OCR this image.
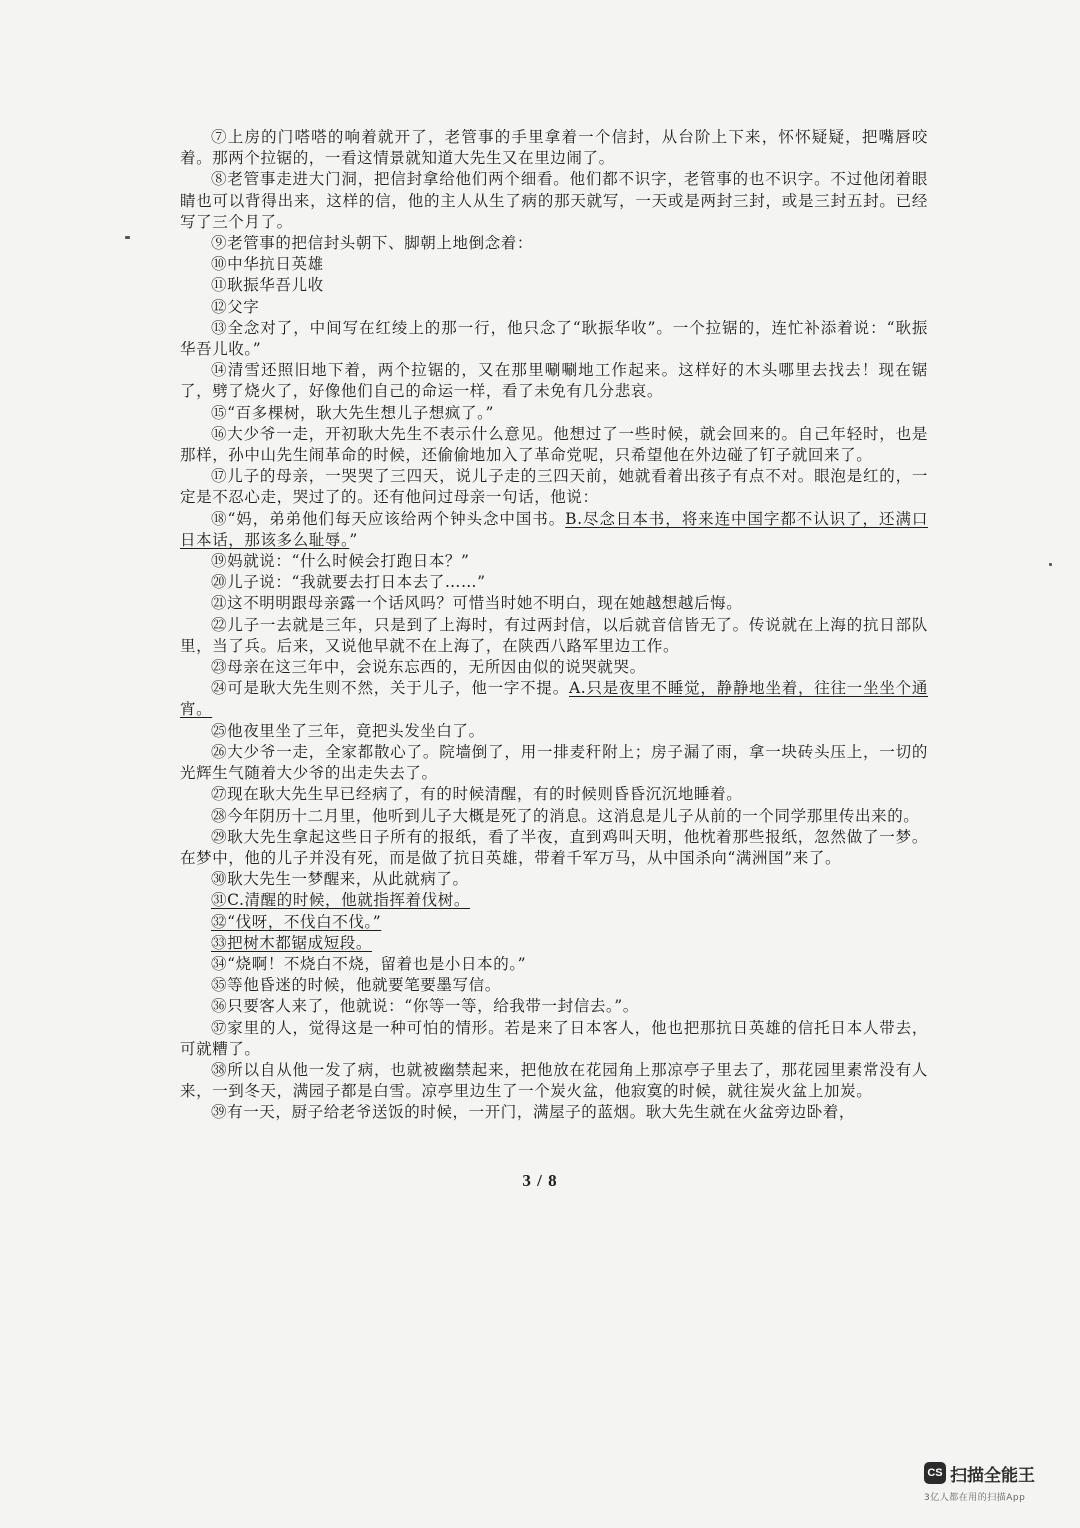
⑦上房的门嗒嗒的响着就开了，老管事的手里拿着一个信封，从台阶上下来，怀怀疑疑，把嘴唇咬着。那两个拉锯的，一看这情景就知道大先生又在里边闹了。

⑧老管事走进大门洞，把信封拿给他们两个细看。他们都不识字，老管事的也不识字。不过他闭着眼睛也可以背得出来，这样的信，他的主人从生了病的那天就写，一天或是两封三封，或是三封五封。已经写了三个月了。

⑨老管事的把信封头朝下、脚朝上地倒念着：

⑩中华抗日英雄

⑪耿振华吾儿收

⑫父字

⑬全念对了，中间写在红绫上的那一行，他只念了“耿振华收”。一个拉锯的，连忙补添着说：“耿振华吾儿收。”

⑭清雪还照旧地下着，两个拉锯的，又在那里唰唰地工作起来。这样好的木头哪里去找去！现在锯了，劈了烧火了，好像他们自己的命运一样，看了未免有几分悲哀。

⑮“百多棵树，耿大先生想儿子想疯了。”

⑯大少爷一走，开初耿大先生不表示什么意见。他想过了一些时候，就会回来的。自己年轻时，也是那样，孙中山先生闹革命的时候，还偷偷地加入了革命党呢，只希望他在外边碰了钉子就回来了。

⑰儿子的母亲，一哭哭了三四天，说儿子走的三四天前，她就看着出孩子有点不对。眼泡是红的，一定是不忍心走，哭过了的。还有他问过母亲一句话，他说：

⑱“妈，弟弟他们每天应该给两个钟头念中国书。B.尽念日本书，将来连中国字都不认识了，还满口日本话，那该多么耻辱。”

⑲妈就说：“什么时候会打跑日本？”

⑳儿子说：“我就要去打日本去了……”

㉑这不明明跟母亲露一个话风吗？可惜当时她不明白，现在她越想越后悔。

㉒儿子一去就是三年，只是到了上海时，有过两封信，以后就音信皆无了。传说就在上海的抗日部队里，当了兵。后来，又说他早就不在上海了，在陕西八路军里边工作。

㉓母亲在这三年中，会说东忘西的，无所因由似的说哭就哭。

㉔可是耿大先生则不然，关于儿子，他一字不提。A.只是夜里不睡觉，静静地坐着，往往一坐坐个通宵。

㉕他夜里坐了三年，竟把头发坐白了。

㉖大少爷一走，全家都散心了。院墙倒了，用一排麦秆附上；房子漏了雨，拿一块砖头压上，一切的光辉生气随着大少爷的出走失去了。

㉗现在耿大先生早已经病了，有的时候清醒，有的时候则昏昏沉沉地睡着。

㉘今年阴历十二月里，他听到儿子大概是死了的消息。这消息是儿子从前的一个同学那里传出来的。

㉙耿大先生拿起这些日子所有的报纸，看了半夜，直到鸡叫天明，他枕着那些报纸，忽然做了一梦。在梦中，他的儿子并没有死，而是做了抗日英雄，带着千军万马，从中国杀向“满洲国”来了。

㉚耿大先生一梦醒来，从此就病了。

㉛C.清醒的时候，他就指挥着伐树。

㉜“伐呀，不伐白不伐。”

㉝把树木都锯成短段。

㉞“烧啊！不烧白不烧，留着也是小日本的。”

㉟等他昏迷的时候，他就要笔要墨写信。

㊱只要客人来了，他就说：“你等一等，给我带一封信去。”。

㊲家里的人，觉得这是一种可怕的情形。若是来了日本客人，他也把那抗日英雄的信托日本人带去，可就糟了。

㊳所以自从他一发了病，也就被幽禁起来，把他放在花园角上那凉亭子里去了，那花园里素常没有人来，一到冬天，满园子都是白雪。凉亭里边生了一个炭火盆，他寂寞的时候，就往炭火盆上加炭。

㊴有一天，厨子给老爷送饭的时候，一开门，满屋子的蓝烟。耿大先生就在火盆旁边卧着，

3 / 8
CS 扫描全能王
3亿人都在用的扫描App
